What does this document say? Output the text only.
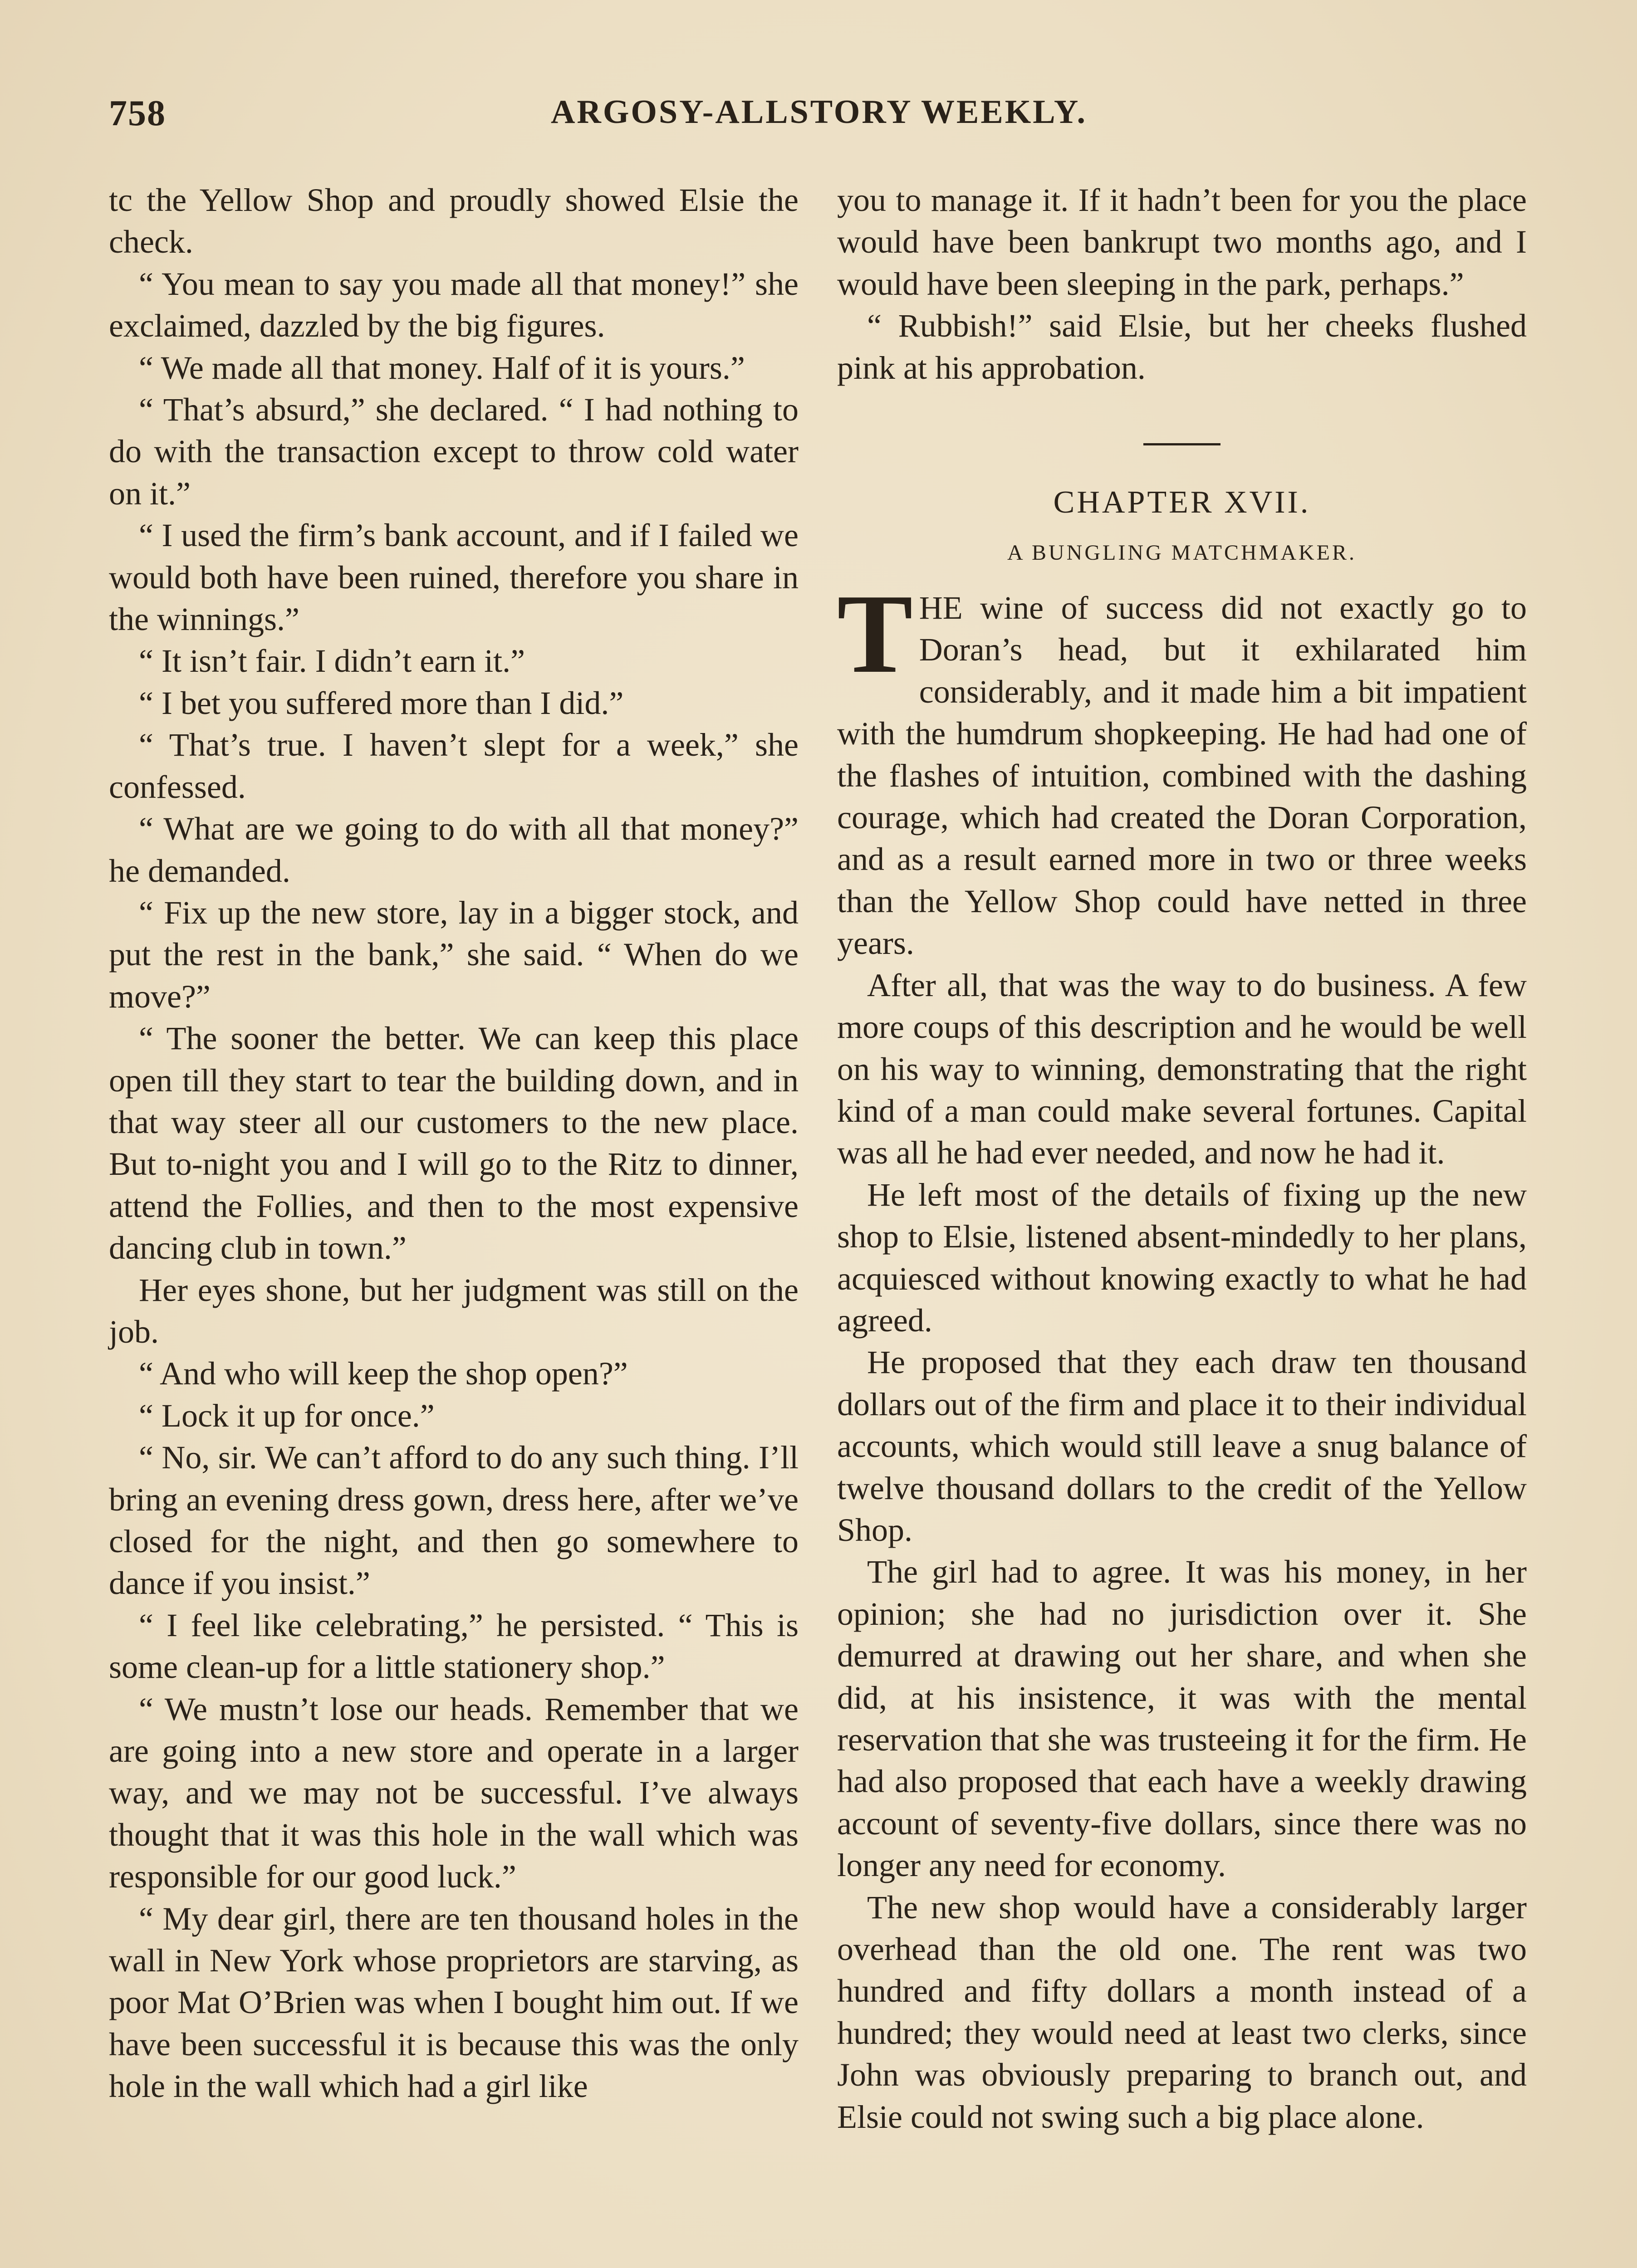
758	ARGOSY-ALLSTORY WEEKLY.

tc the Yellow Shop and proudly showed Elsie the check.

“ You mean to say you made all that money!” she exclaimed, dazzled by the big figures.

“ We made all that money. Half of it is yours.”

“ That’s absurd,” she declared. “ I had nothing to do with the transaction except to throw cold water on it.”

“ I used the firm’s bank account, and if I failed we would both have been ruined, therefore you share in the winnings.”

“ It isn’t fair. I didn’t earn it.”

“ I bet you suffered more than I did.”

“ That’s true. I haven’t slept for a week,” she confessed.

“ What are we going to do with all that money?” he demanded.

“ Fix up the new store, lay in a bigger stock, and put the rest in the bank,” she said. “ When do we move?”

“ The sooner the better. We can keep this place open till they start to tear the building down, and in that way steer all our customers to the new place. But to-night you and I will go to the Ritz to dinner, attend the Follies, and then to the most expensive dancing club in town.”

Her eyes shone, but her judgment was still on the job.

“ And who will keep the shop open?”

“ Lock it up for once.”

“ No, sir. We can’t afford to do any such thing. I’ll bring an evening dress gown, dress here, after we’ve closed for the night, and then go somewhere to dance if you insist.”

“ I feel like celebrating,” he persisted. “ This is some clean-up for a little stationery shop.”

“ We mustn’t lose our heads. Remember that we are going into a new store and operate in a larger way, and we may not be successful. I’ve always thought that it was this hole in the wall which was responsible for our good luck.”

“ My dear girl, there are ten thousand holes in the wall in New York whose proprietors are starving, as poor Mat O’Brien was when I bought him out. If we have been successful it is because this was the only hole in the wall which had a girl like

you to manage it. If it hadn’t been for you the place would have been bankrupt two months ago, and I would have been sleeping in the park, perhaps.”

“ Rubbish!” said Elsie, but her cheeks flushed pink at his approbation.

CHAPTER XVII.
A BUNGLING MATCHMAKER.

THE wine of success did not exactly go to Doran’s head, but it exhilarated him considerably, and it made him a bit impatient with the humdrum shopkeeping. He had had one of the flashes of intuition, combined with the dashing courage, which had created the Doran Corporation, and as a result earned more in two or three weeks than the Yellow Shop could have netted in three years.

After all, that was the way to do business. A few more coups of this description and he would be well on his way to winning, demonstrating that the right kind of a man could make several fortunes. Capital was all he had ever needed, and now he had it.

He left most of the details of fixing up the new shop to Elsie, listened absent-mindedly to her plans, acquiesced without knowing exactly to what he had agreed.

He proposed that they each draw ten thousand dollars out of the firm and place it to their individual accounts, which would still leave a snug balance of twelve thousand dollars to the credit of the Yellow Shop.

The girl had to agree. It was his money, in her opinion; she had no jurisdiction over it. She demurred at drawing out her share, and when she did, at his insistence, it was with the mental reservation that she was trusteeing it for the firm. He had also proposed that each have a weekly drawing account of seventy-five dollars, since there was no longer any need for economy.

The new shop would have a considerably larger overhead than the old one. The rent was two hundred and fifty dollars a month instead of a hundred; they would need at least two clerks, since John was obviously preparing to branch out, and Elsie could not swing such a big place alone.
